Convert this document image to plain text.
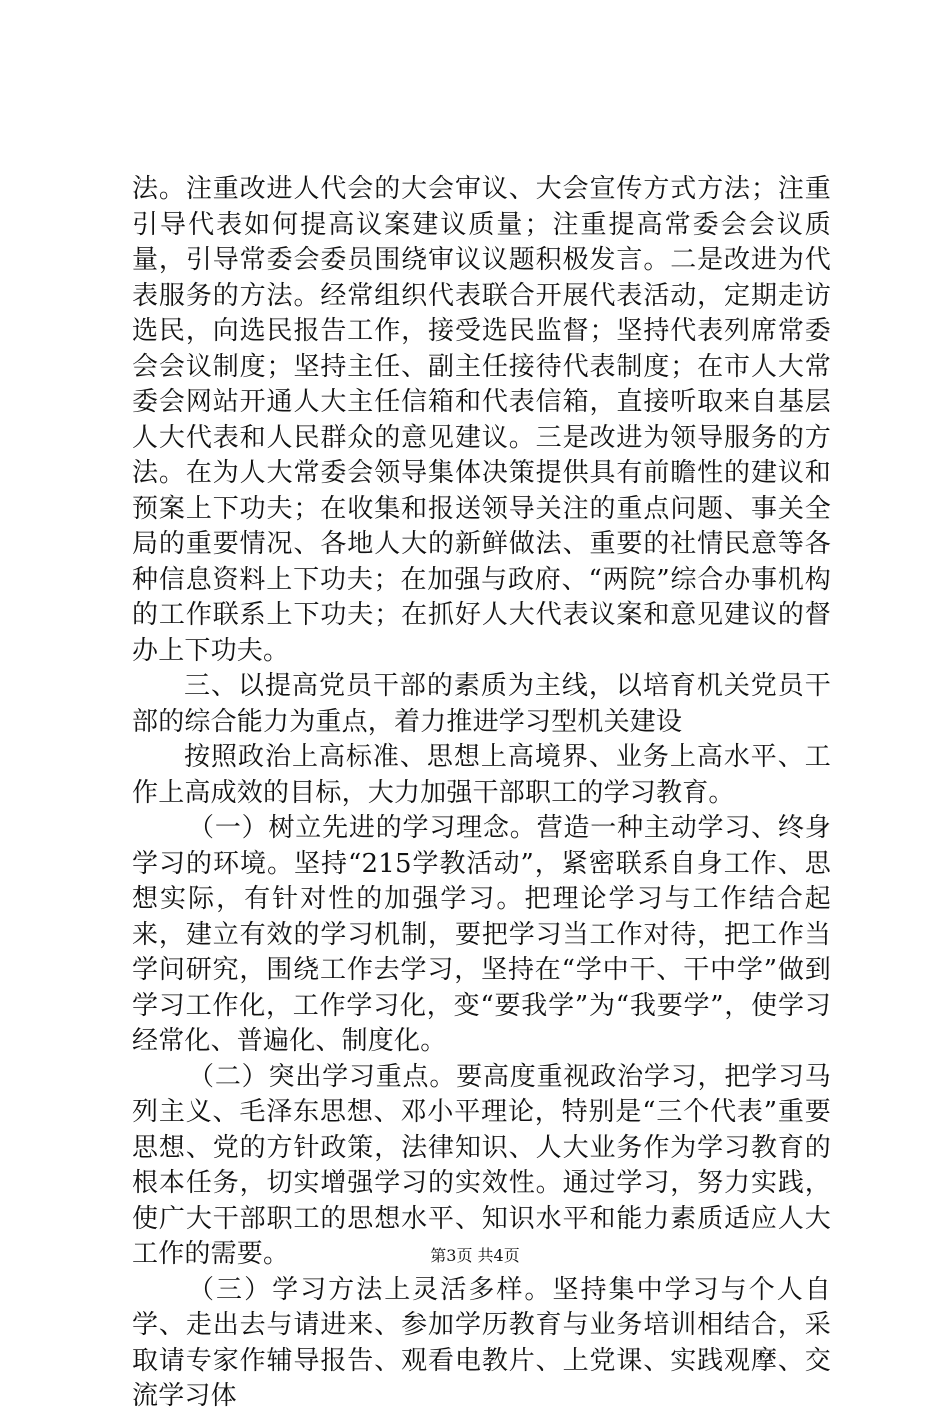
法。注重改进人代会的大会审议、大会宣传方式方法；注重引导代表如何提高议案建议质量；注重提高常委会会议质量，引导常委会委员围绕审议议题积极发言。二是改进为代表服务的方法。经常组织代表联合开展代表活动，定期走访选民，向选民报告工作，接受选民监督；坚持代表列席常委会会议制度；坚持主任、副主任接待代表制度；在市人大常委会网站开通人大主任信箱和代表信箱，直接听取来自基层人大代表和人民群众的意见建议。三是改进为领导服务的方法。在为人大常委会领导集体决策提供具有前瞻性的建议和预案上下功夫；在收集和报送领导关注的重点问题、事关全局的重要情况、各地人大的新鲜做法、重要的社情民意等各种信息资料上下功夫；在加强与政府、“两院”综合办事机构的工作联系上下功夫；在抓好人大代表议案和意见建议的督办上下功夫。

三、以提高党员干部的素质为主线，以培育机关党员干部的综合能力为重点，着力推进学习型机关建设

按照政治上高标准、思想上高境界、业务上高水平、工作上高成效的目标，大力加强干部职工的学习教育。

（一）树立先进的学习理念。营造一种主动学习、终身学习的环境。坚持“215学教活动”，紧密联系自身工作、思想实际，有针对性的加强学习。把理论学习与工作结合起来，建立有效的学习机制，要把学习当工作对待，把工作当学问研究，围绕工作去学习，坚持在“学中干、干中学”做到学习工作化，工作学习化，变“要我学”为“我要学”，使学习经常化、普遍化、制度化。

（二）突出学习重点。要高度重视政治学习，把学习马列主义、毛泽东思想、邓小平理论，特别是“三个代表”重要思想、党的方针政策，法律知识、人大业务作为学习教育的根本任务，切实增强学习的实效性。通过学习，努力实践，使广大干部职工的思想水平、知识水平和能力素质适应人大工作的需要。

（三）学习方法上灵活多样。坚持集中学习与个人自学、走出去与请进来、参加学历教育与业务培训相结合，采取请专家作辅导报告、观看电教片、上党课、实践观摩、交流学习体

第3页 共4页
